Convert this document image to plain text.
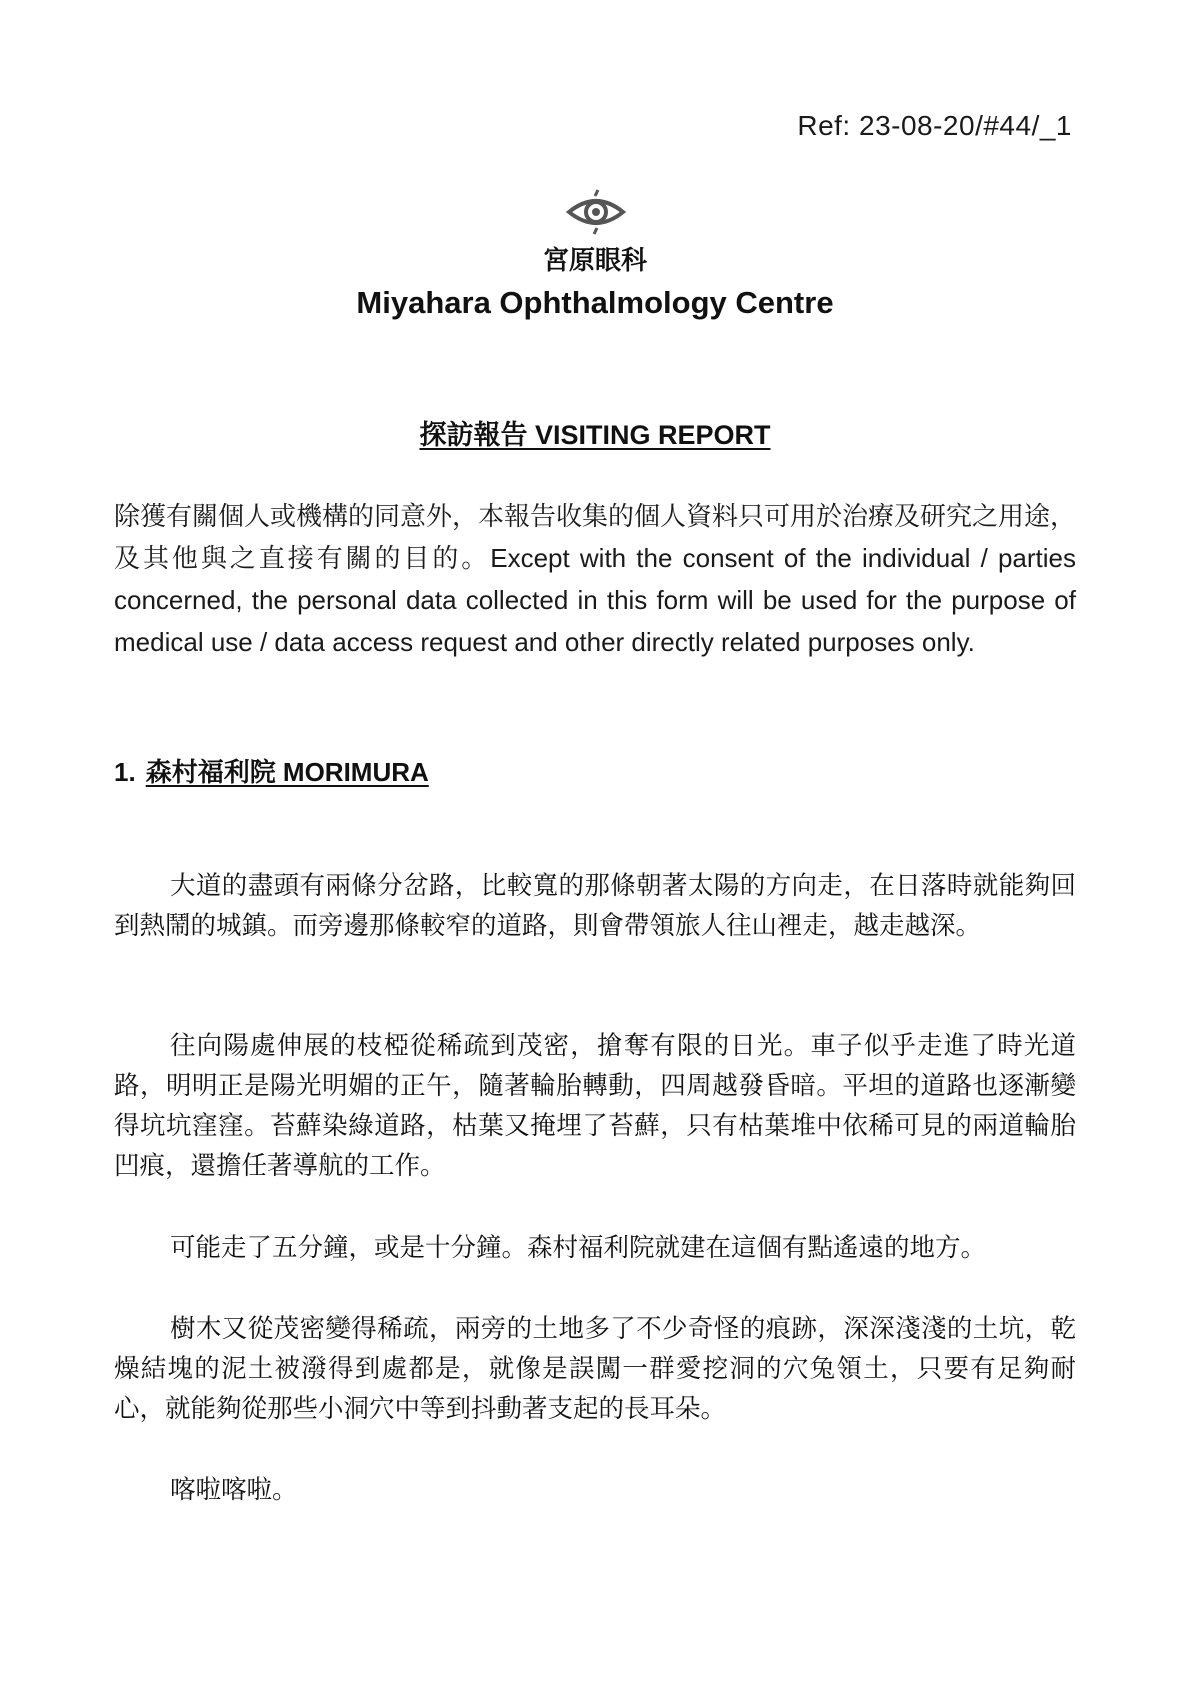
Ref: 23-08-20/#44/_1
宮原眼科
Miyahara Ophthalmology Centre
探訪報告 VISITING REPORT
除獲有關個人或機構的同意外，本報告收集的個人資料只可用於治療及研究之用途，及其他與之直接有關的目的。Except with the consent of the individual / parties concerned, the personal data collected in this form will be used for the purpose of medical use / data access request and other directly related purposes only.
1. 森村福利院 MORIMURA

大道的盡頭有兩條分岔路，比較寬的那條朝著太陽的方向走，在日落時就能夠回到熱鬧的城鎮。而旁邊那條較窄的道路，則會帶領旅人往山裡走，越走越深。

往向陽處伸展的枝椏從稀疏到茂密，搶奪有限的日光。車子似乎走進了時光道路，明明正是陽光明媚的正午，隨著輪胎轉動，四周越發昏暗。平坦的道路也逐漸變得坑坑窪窪。苔蘚染綠道路，枯葉又掩埋了苔蘚，只有枯葉堆中依稀可見的兩道輪胎凹痕，還擔任著導航的工作。

可能走了五分鐘，或是十分鐘。森村福利院就建在這個有點遙遠的地方。

樹木又從茂密變得稀疏，兩旁的土地多了不少奇怪的痕跡，深深淺淺的土坑，乾燥結塊的泥土被潑得到處都是，就像是誤闖一群愛挖洞的穴兔領土，只要有足夠耐心，就能夠從那些小洞穴中等到抖動著支起的長耳朵。

喀啦喀啦。
